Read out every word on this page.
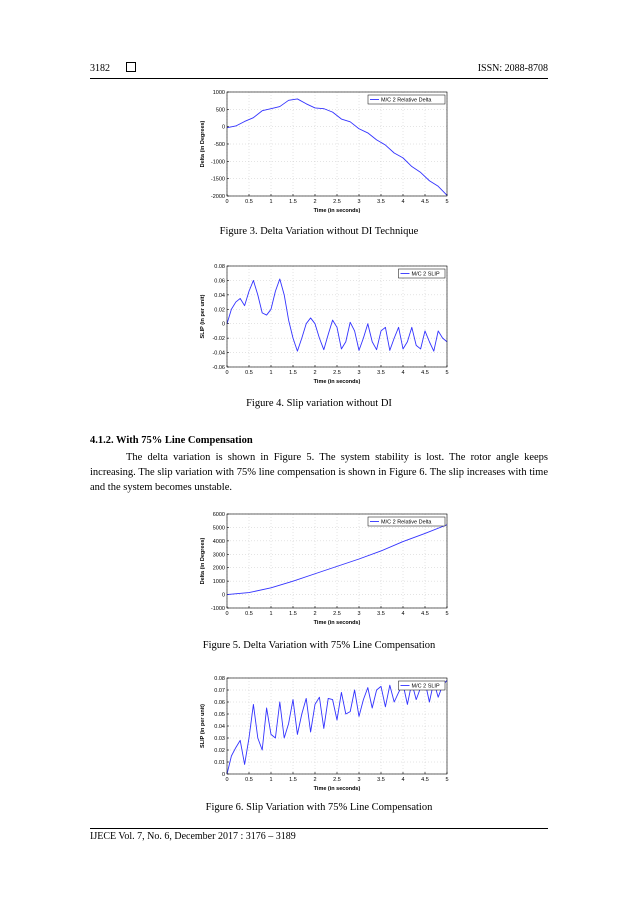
3182	ISSN: 2088-8708
0	0.5	1	1.5	2	2.5	3	3.5	4	4.5	5
-2000
-1500
-1000
-500
0
500
1000
Time (in seconds)
Delta (in Degrees)
M/C 2 Relative Delta
Figure 3. Delta Variation without DI Technique
0	0.5	1	1.5	2	2.5	3	3.5	4	4.5	5
-0.06
-0.04
-0.02
0
0.02
0.04
0.06
0.08
Time (in seconds)
SLIP (in per unit)
M/C 2 SLIP
Figure 4. Slip variation without DI
4.1.2. With 75% Line Compensation

The delta variation is shown in Figure 5. The system stability is lost. The rotor angle keeps increasing. The slip variation with 75% line compensation is shown in Figure 6. The slip increases with time and the system becomes unstable.

0	0.5	1	1.5	2	2.5	3	3.5	4	4.5	5
-1000
0
1000
2000
3000
4000
5000
6000
Time (in seconds)
Delta (in Degrees)
M/C 2 Relative Delta
Figure 5. Delta Variation with 75% Line Compensation
0	0.5	1	1.5	2	2.5	3	3.5	4	4.5	5
0
0.01
0.02
0.03
0.04
0.05
0.06
0.07
0.08
Time (in seconds)
SLIP (in per unit)
M/C 2 SLIP
Figure 6. Slip Variation with 75% Line Compensation
IJECE Vol. 7, No. 6, December 2017 : 3176 – 3189
